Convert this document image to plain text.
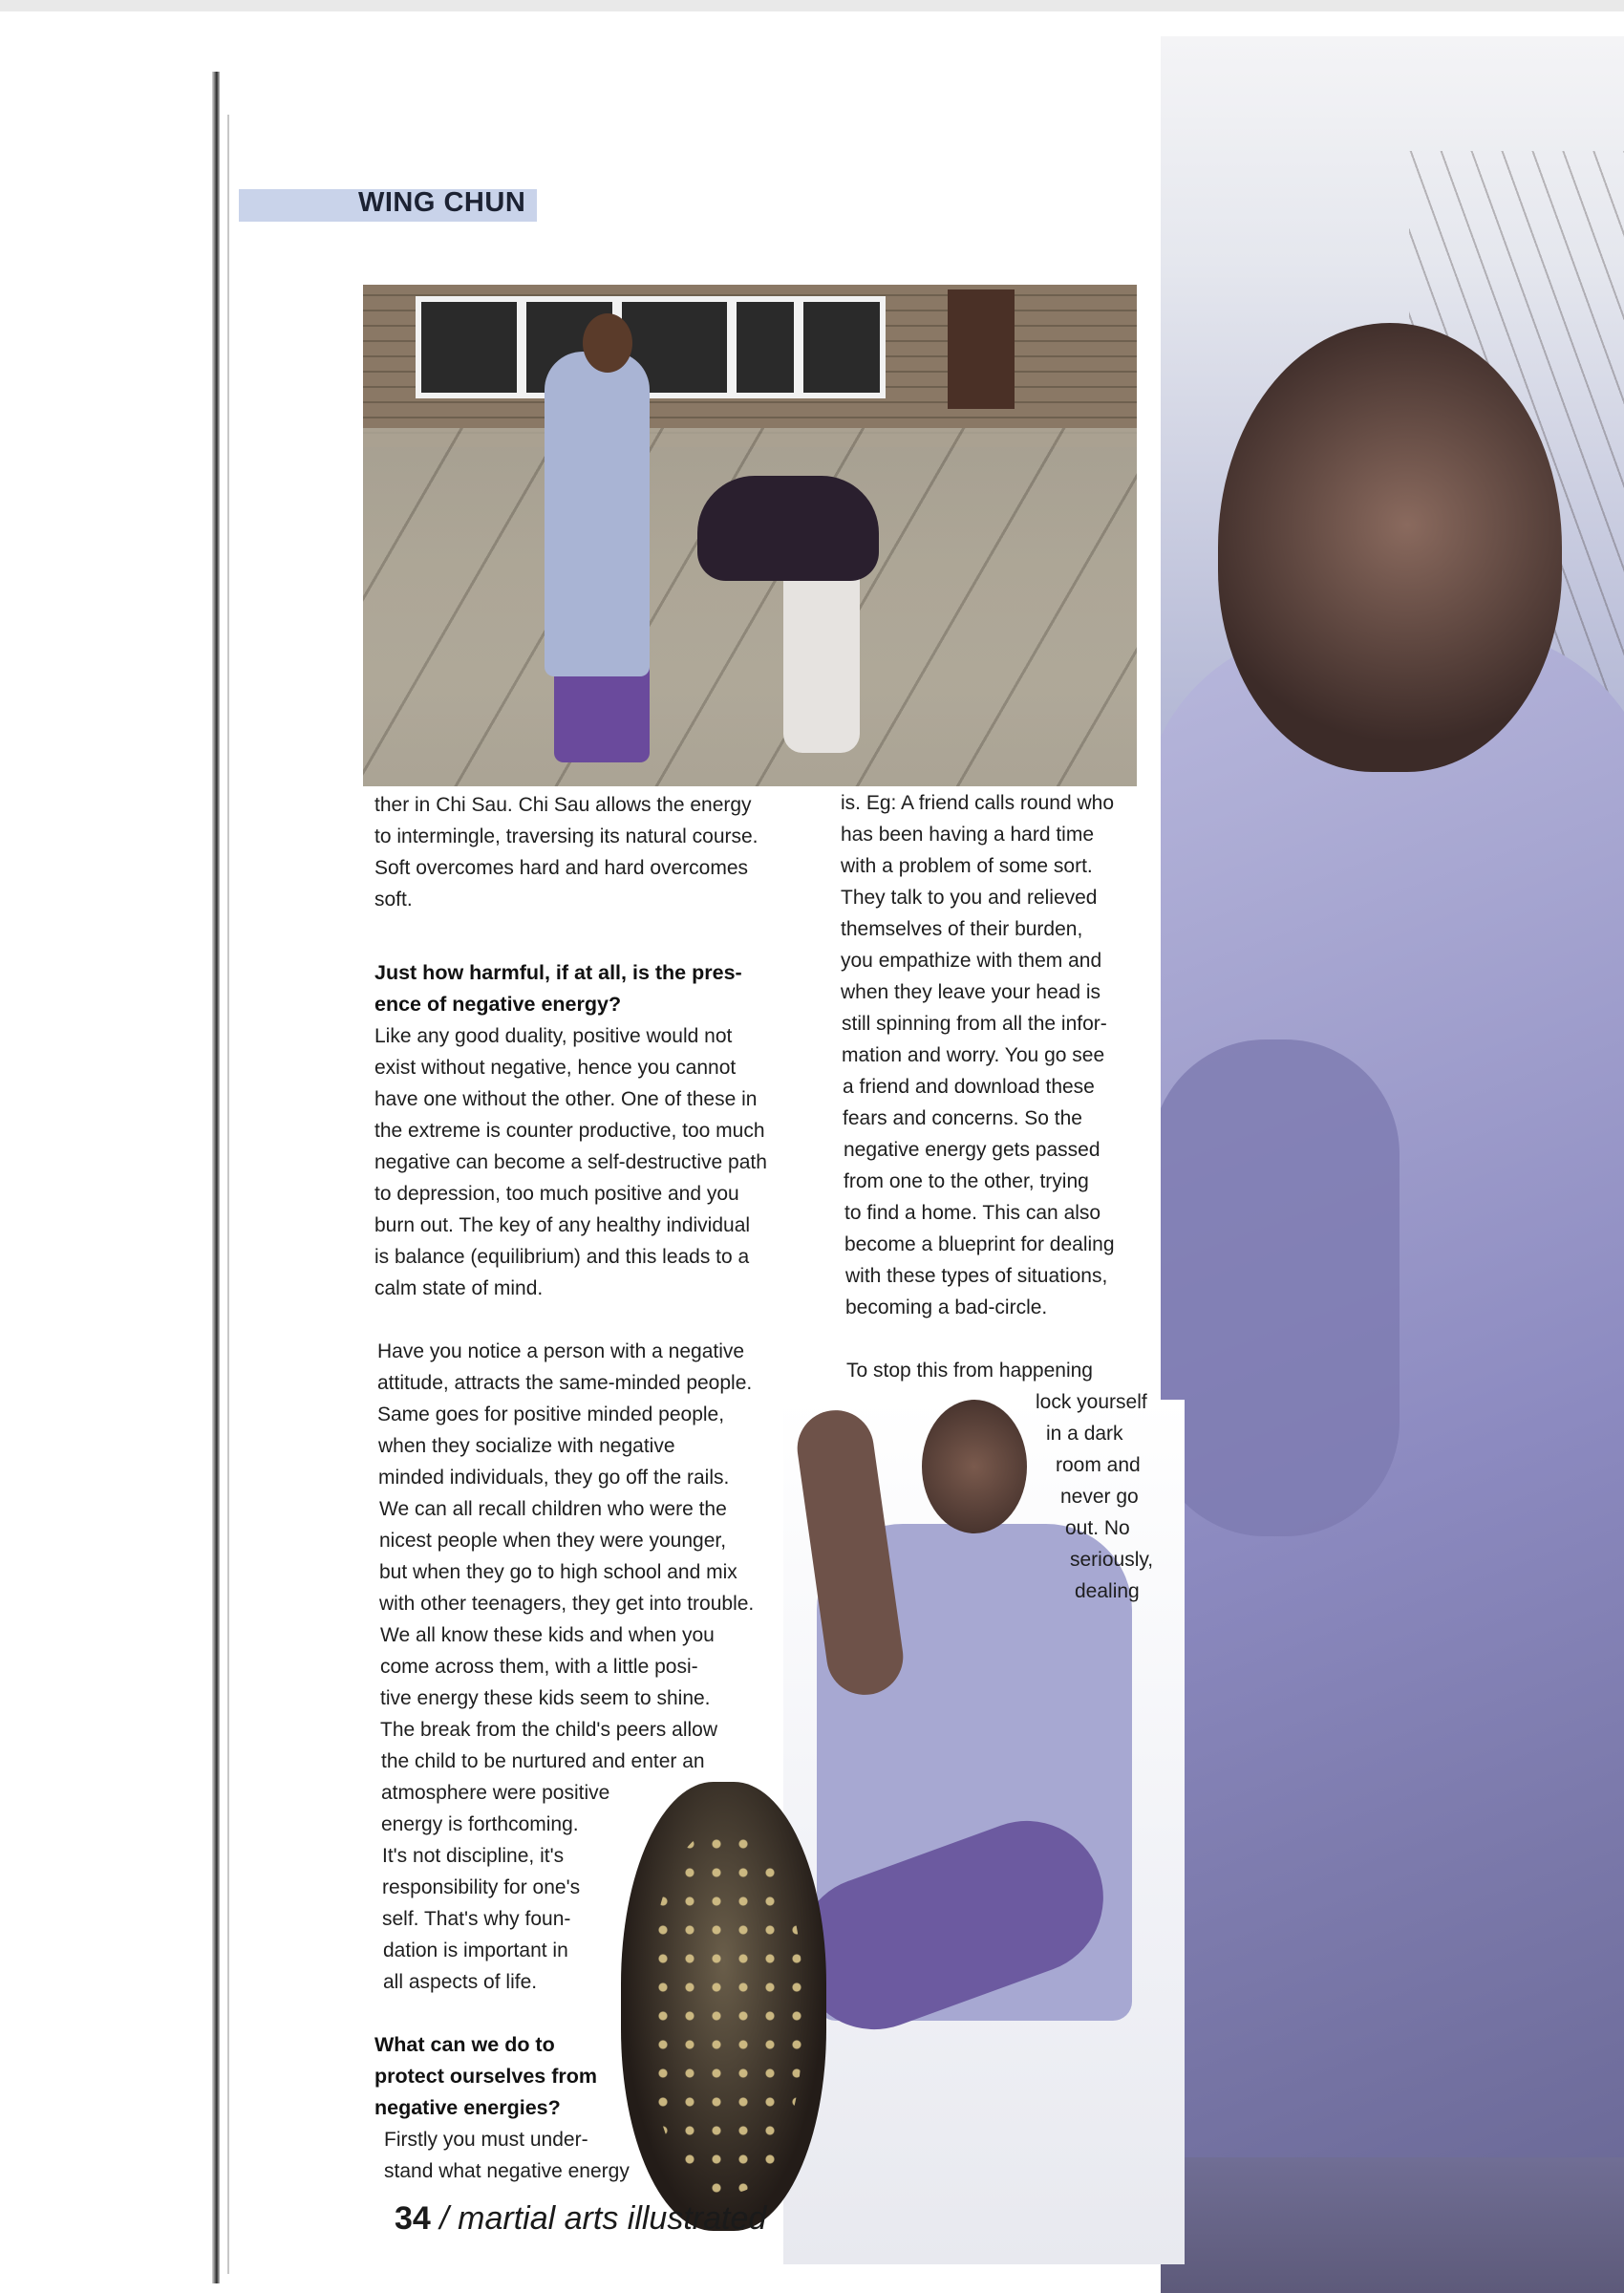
WING CHUN
ther in Chi Sau. Chi Sau allows the energy
to intermingle, traversing its natural course.
Soft overcomes hard and hard overcomes
soft.
Just how harmful, if at all, is the pres-
ence of negative energy?
Like any good duality, positive would not
exist without negative, hence you cannot
have one without the other. One of these in
the extreme is counter productive, too much
negative can become a self-destructive path
to depression, too much positive and you
burn out. The key of any healthy individual
is balance (equilibrium) and this leads to a
calm state of mind.
Have you notice a person with a negative
attitude, attracts the same-minded people.
Same goes for positive minded people,
when they socialize with negative
minded individuals, they go off the rails.
We can all recall children who were the
nicest people when they were younger,
but when they go to high school and mix
with other teenagers, they get into trouble.
We all know these kids and when you
come across them, with a little posi-
tive energy these kids seem to shine.
The break from the child's peers allow
the child to be nurtured and enter an
atmosphere were positive
energy is forthcoming.
It's not discipline, it's
responsibility for one's
self. That's why foun-
dation is important in
all aspects of life.
What can we do to
protect ourselves from
negative energies?
Firstly you must under-
stand what negative energy
is. Eg: A friend calls round who
has been having a hard time
with a problem of some sort.
They talk to you and relieved
themselves of their burden,
you empathize with them and
when they leave your head is
still spinning from all the infor-
mation and worry. You go see
a friend and download these
fears and concerns. So the
negative energy gets passed
from one to the other, trying
to find a home. This can also
become a blueprint for dealing
with these types of situations,
becoming a bad-circle.
To stop this from happening
lock yourself
in a dark
room and
never go
out. No
seriously,
dealing
34 / martial arts illustrated
